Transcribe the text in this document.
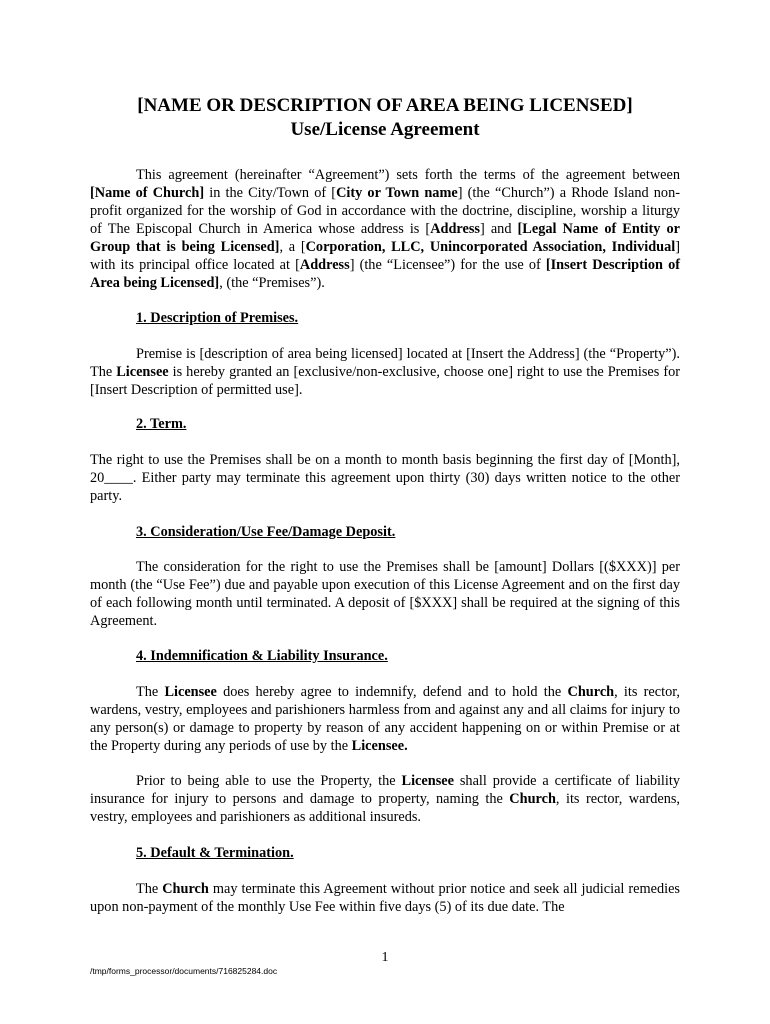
[NAME OR DESCRIPTION OF AREA BEING LICENSED]

Use/License Agreement

This agreement (hereinafter “Agreement”) sets forth the terms of the agreement between [Name of Church] in the City/Town of [City or Town name] (the “Church”) a Rhode Island non-profit organized for the worship of God in accordance with the doctrine, discipline, worship a liturgy of The Episcopal Church in America whose address is [Address] and [Legal Name of Entity or Group that is being Licensed], a [Corporation, LLC, Unincorporated Association, Individual] with its principal office located at [Address] (the “Licensee”) for the use of [Insert Description of Area being Licensed], (the “Premises”).

1. Description of Premises.

Premise is [description of area being licensed] located at [Insert the Address] (the “Property”). The Licensee is hereby granted an [exclusive/non-exclusive, choose one] right to use the Premises for [Insert Description of permitted use].

2. Term.

The right to use the Premises shall be on a month to month basis beginning the first day of [Month], 20____. Either party may terminate this agreement upon thirty (30) days written notice to the other party.

3. Consideration/Use Fee/Damage Deposit.

The consideration for the right to use the Premises shall be [amount] Dollars [($XXX)] per month (the “Use Fee”) due and payable upon execution of this License Agreement and on the first day of each following month until terminated. A deposit of [$XXX] shall be required at the signing of this Agreement.

4. Indemnification & Liability Insurance.

The Licensee does hereby agree to indemnify, defend and to hold the Church, its rector, wardens, vestry, employees and parishioners harmless from and against any and all claims for injury to any person(s) or damage to property by reason of any accident happening on or within Premise or at the Property during any periods of use by the Licensee.

Prior to being able to use the Property, the Licensee shall provide a certificate of liability insurance for injury to persons and damage to property, naming the Church, its rector, wardens, vestry, employees and parishioners as additional insureds.

5. Default & Termination.

The Church may terminate this Agreement without prior notice and seek all judicial remedies upon non-payment of the monthly Use Fee within five days (5) of its due date. The

1

/tmp/forms_processor/documents/716825284.doc
